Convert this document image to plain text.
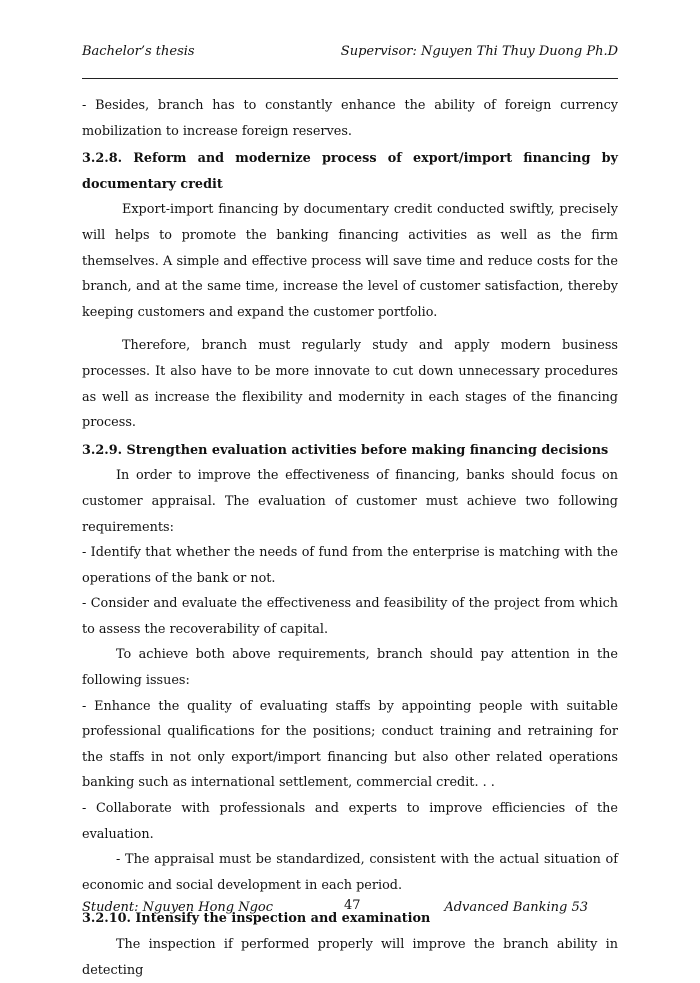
Bachelor’s thesis	Supervisor: Nguyen Thi Thuy Duong Ph.D

- Besides, branch has to constantly enhance the ability of foreign currency mobilization to increase foreign reserves.

3.2.8. Reform and modernize process of export/import financing by documentary credit

Export-import financing by documentary credit conducted swiftly, precisely will helps to promote the banking financing activities as well as the firm themselves. A simple and effective process will save time and reduce costs for the branch, and at the same time, increase the level of customer satisfaction, thereby keeping customers and expand the customer portfolio.

Therefore, branch must regularly study and apply modern business processes. It also have to be more innovate to cut down unnecessary procedures as well as increase the flexibility and modernity in each stages of the financing process.

3.2.9. Strengthen evaluation activities before making financing decisions

In order to improve the effectiveness of financing, banks should focus on customer appraisal. The evaluation of customer must achieve two following requirements:

- Identify that whether the needs of fund from the enterprise is matching with the operations of the bank or not.

- Consider and evaluate the effectiveness and feasibility of the project from which to assess the recoverability of capital.

To achieve both above requirements, branch should pay attention in the following issues:

- Enhance the quality of evaluating staffs by appointing people with suitable professional qualifications for the positions; conduct training and retraining for the staffs in not only export/import financing but also other related operations banking such as international settlement, commercial credit. . .

- Collaborate with professionals and experts to improve efficiencies of the evaluation.

- The appraisal must be standardized, consistent with the actual situation of economic and social development in each period.

3.2.10. Intensify the inspection and examination

The inspection if performed properly will improve the branch ability in detecting

Student: Nguyen Hong Ngoc	47	Advanced Banking 53
